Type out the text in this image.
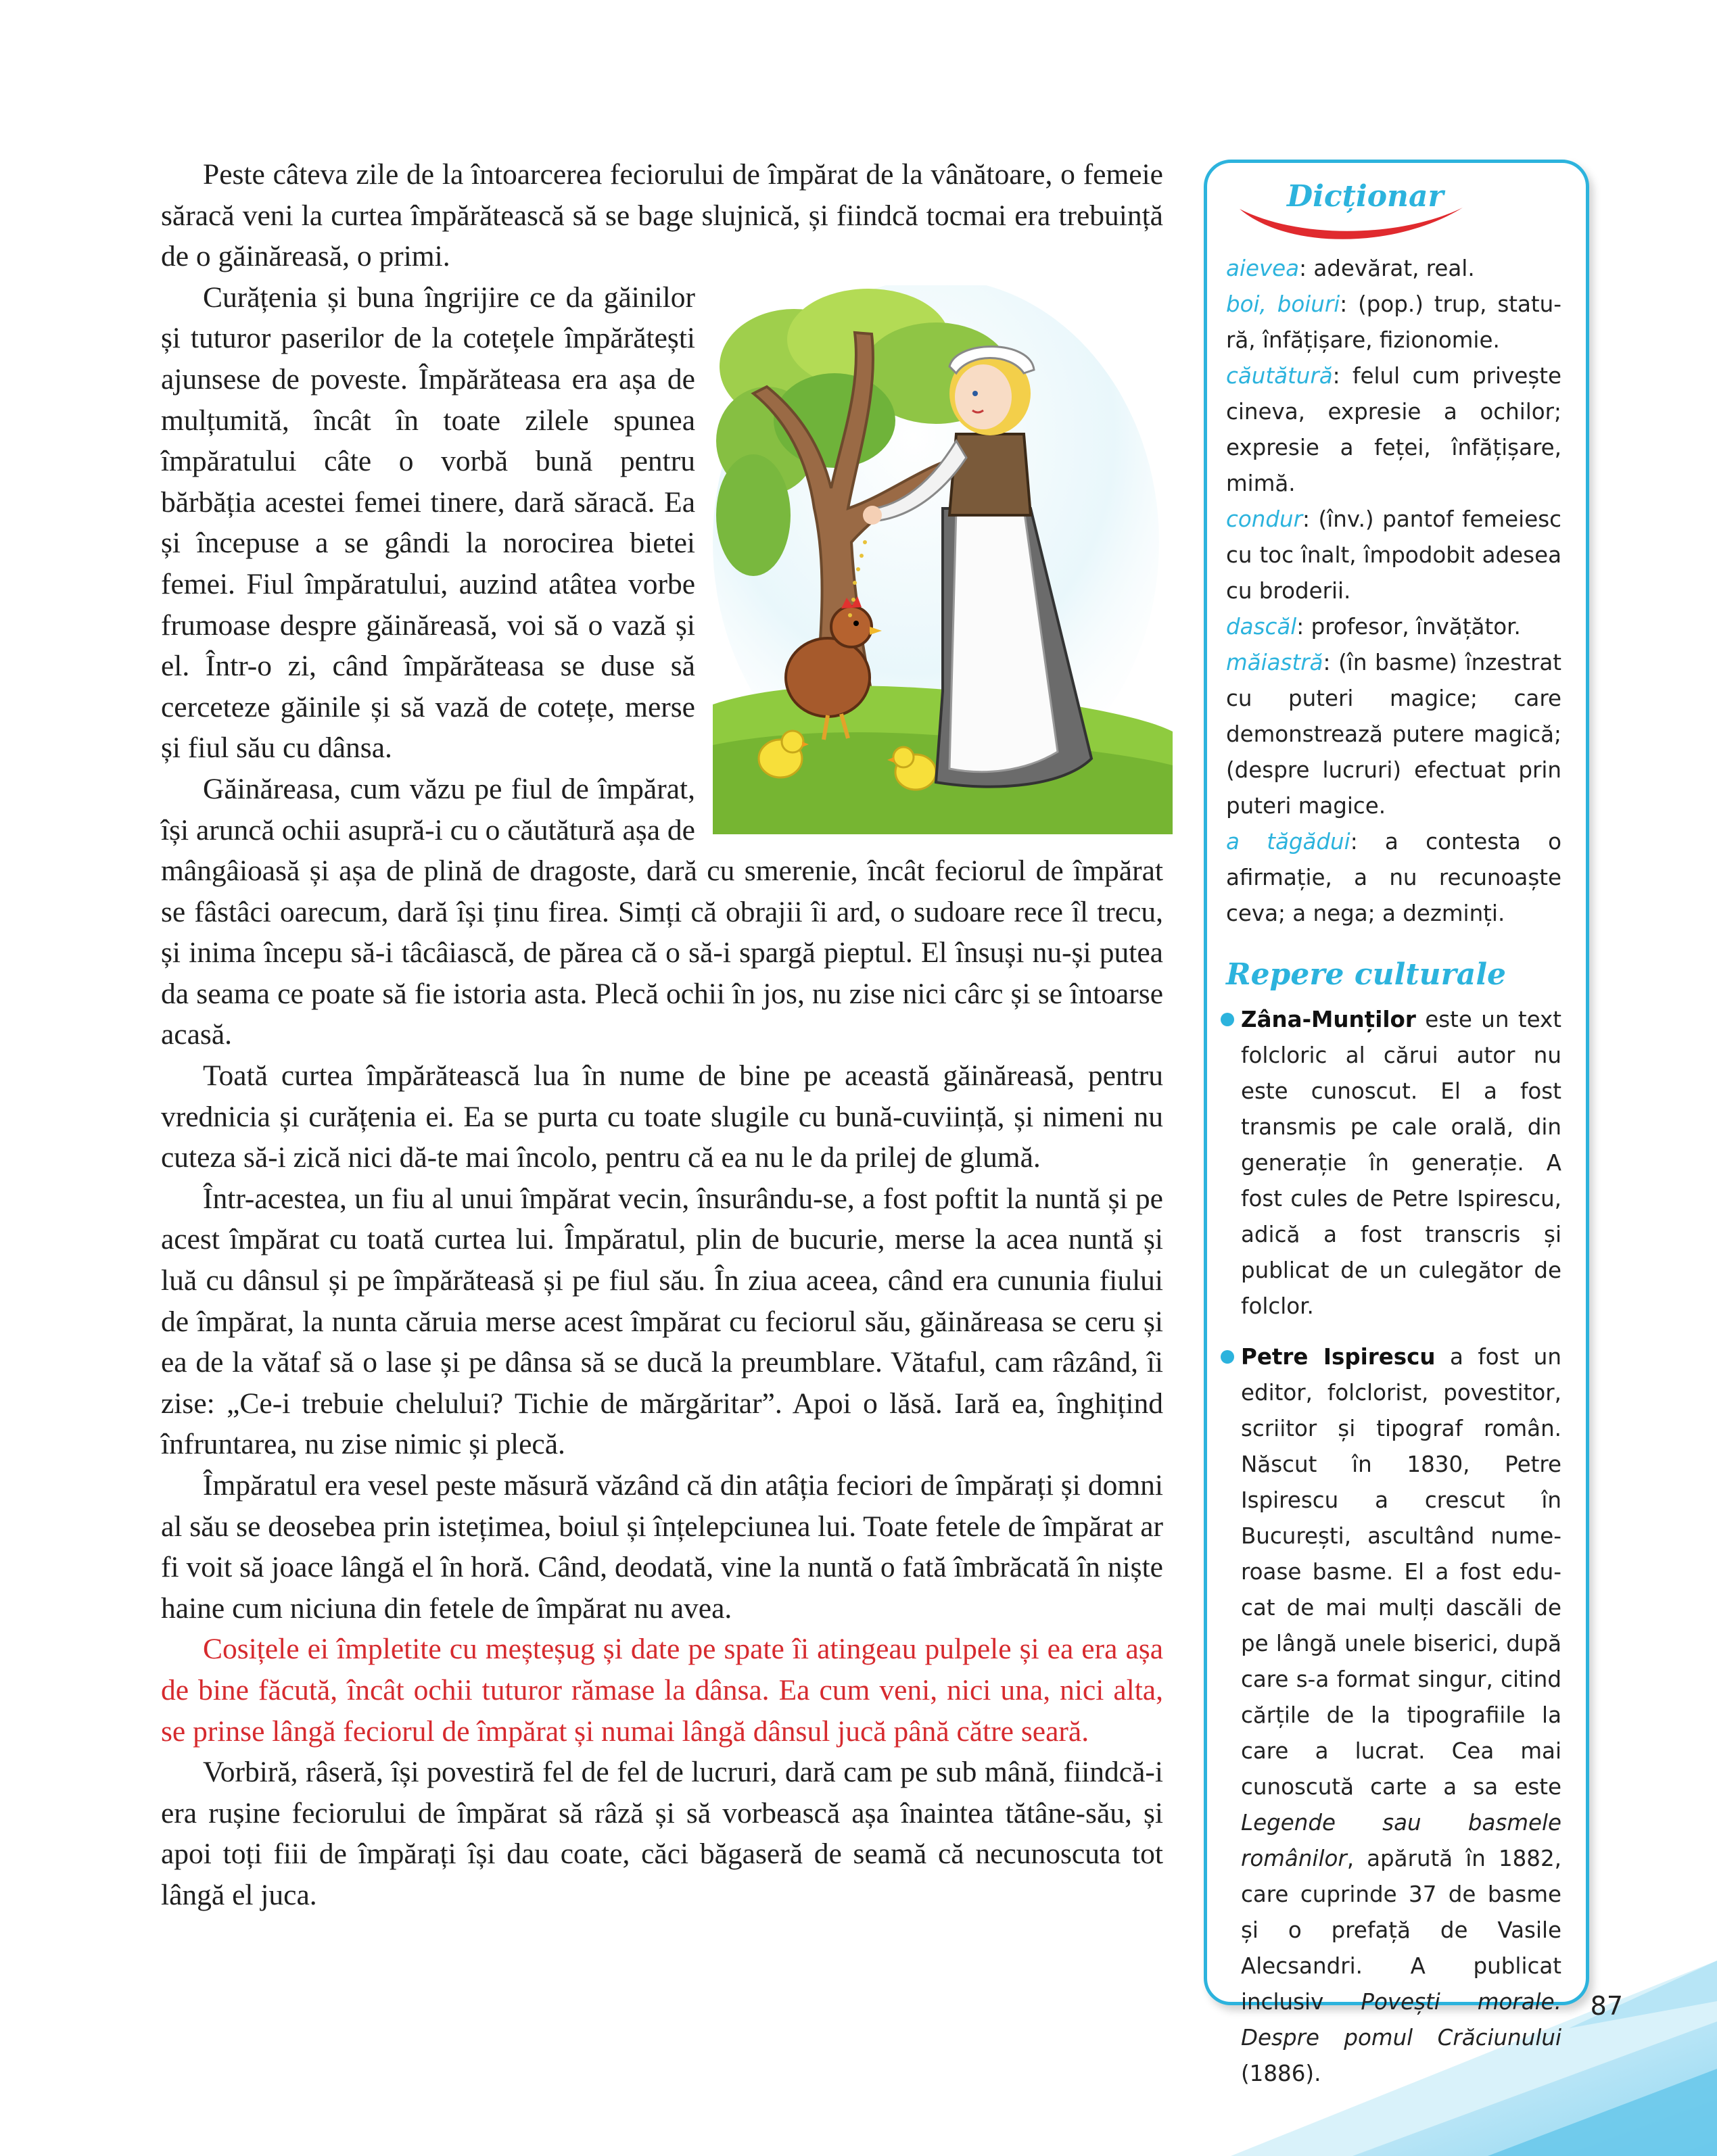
Peste câteva zile de la întoarcerea feciorului de împărat de la vânătoare, o femeie săracă veni la curtea împărătească să se bage slujnică, și fiindcă tocmai era trebuință de o găinăreasă, o primi.

Curățenia și buna îngrijire ce da găinilor și tuturor paserilor de la cotețele împărătești ajunsese de poveste. Împărăteasa era așa de mulțumită, încât în toate zilele spunea împăratului câte o vorbă bună pentru bărbăția acestei femei tinere, dară săracă. Ea și începuse a se gândi la norocirea bietei femei. Fiul împăratului, auzind atâtea vorbe frumoase despre găinăreasă, voi să o vază și el. Într-o zi, când împărăteasa se duse să cerceteze găinile și să vază de cotețe, merse și fiul său cu dânsa.

Găinăreasa, cum văzu pe fiul de împărat, își aruncă ochii asupră-i cu o căutătură așa de mângâioasă și așa de plină de dragoste, dară cu smerenie, încât feciorul de împărat se fâstâci oarecum, dară își ținu firea. Simți că obrajii îi ard, o sudoare rece îl trecu, și inima începu să-i tâcâiască, de părea că o să-i spargă pieptul. El însuși nu-și putea da seama ce poate să fie istoria asta. Plecă ochii în jos, nu zise nici cârc și se întoarse acasă.

Toată curtea împărătească lua în nume de bine pe această găinăreasă, pentru vrednicia și curățenia ei. Ea se purta cu toate slugile cu bună-cuviință, și nimeni nu cuteza să-i zică nici dă-te mai încolo, pentru că ea nu le da prilej de glumă.

Într-acestea, un fiu al unui împărat vecin, însurându-se, a fost poftit la nuntă și pe acest împărat cu toată curtea lui. Împăratul, plin de bucurie, merse la acea nuntă și luă cu dânsul și pe împărăteasă și pe fiul său. În ziua aceea, când era cununia fiului de împărat, la nunta căruia merse acest împărat cu feciorul său, găinăreasa se ceru și ea de la vătaf să o lase și pe dânsa să se ducă la preumblare. Vătaful, cam râzând, îi zise: „Ce-i trebuie chelului? Tichie de mărgăritar”. Apoi o lăsă. Iară ea, înghițind înfruntarea, nu zise nimic și plecă.

Împăratul era vesel peste măsură văzând că din atâția feciori de împărați și domni al său se deosebea prin istețimea, boiul și înțelepciunea lui. Toate fetele de împărat ar fi voit să joace lângă el în horă. Când, deodată, vine la nuntă o fată îmbrăcată în niște haine cum niciuna din fetele de împărat nu avea.

Cosițele ei împletite cu meșteșug și date pe spate îi atingeau pulpele și ea era așa de bine făcută, încât ochii tuturor rămase la dânsa. Ea cum veni, nici una, nici alta, se prinse lângă feciorul de împărat și numai lângă dânsul jucă până către seară.

Vorbiră, râseră, își povestiră fel de fel de lucruri, dară cam pe sub mână, fiindcă-i era rușine feciorului de împărat să râză și să vorbească așa înaintea tătâne-său, și apoi toți fiii de împărați își dau coate, căci băgaseră de seamă că necunoscuta tot lângă el juca.

Dicționar
aievea: adevărat, real.
boi, boiuri: (pop.) trup, statură, înfățișare, fizionomie.
căutătură: felul cum privește cineva, expresie a ochilor; expresie a feței, înfățișare, mimă.
condur: (înv.) pantof femeiesc cu toc înalt, împodobit adesea cu broderii.
dascăl: profesor, învățător.
măiastră: (în basme) înzestrat cu puteri magice; care demonstrează putere magică; (despre lucruri) efectuat prin puteri magice.
a tăgădui: a contesta o afirmație, a nu recunoaște ceva; a nega; a dezminți.
Repere culturale
Zâna-Munților este un text folcloric al cărui autor nu este cunoscut. El a fost transmis pe cale orală, din generație în generație. A fost cules de Petre Ispirescu, adică a fost transcris și publicat de un culegător de folclor.
Petre Ispirescu a fost un editor, folclorist, povestitor, scriitor și tipograf român. Născut în 1830, Petre Ispirescu a crescut în București, ascultând numeroase basme. El a fost educat de mai mulți dascăli de pe lângă unele biserici, după care s-a format singur, citind cărțile de la tipografiile la care a lucrat. Cea mai cunoscută carte a sa este Legende sau basmele românilor, apărută în 1882, care cuprinde 37 de basme și o prefață de Vasile Alecsandri. A publicat inclusiv Povești morale. Despre pomul Crăciunului (1886).
87
